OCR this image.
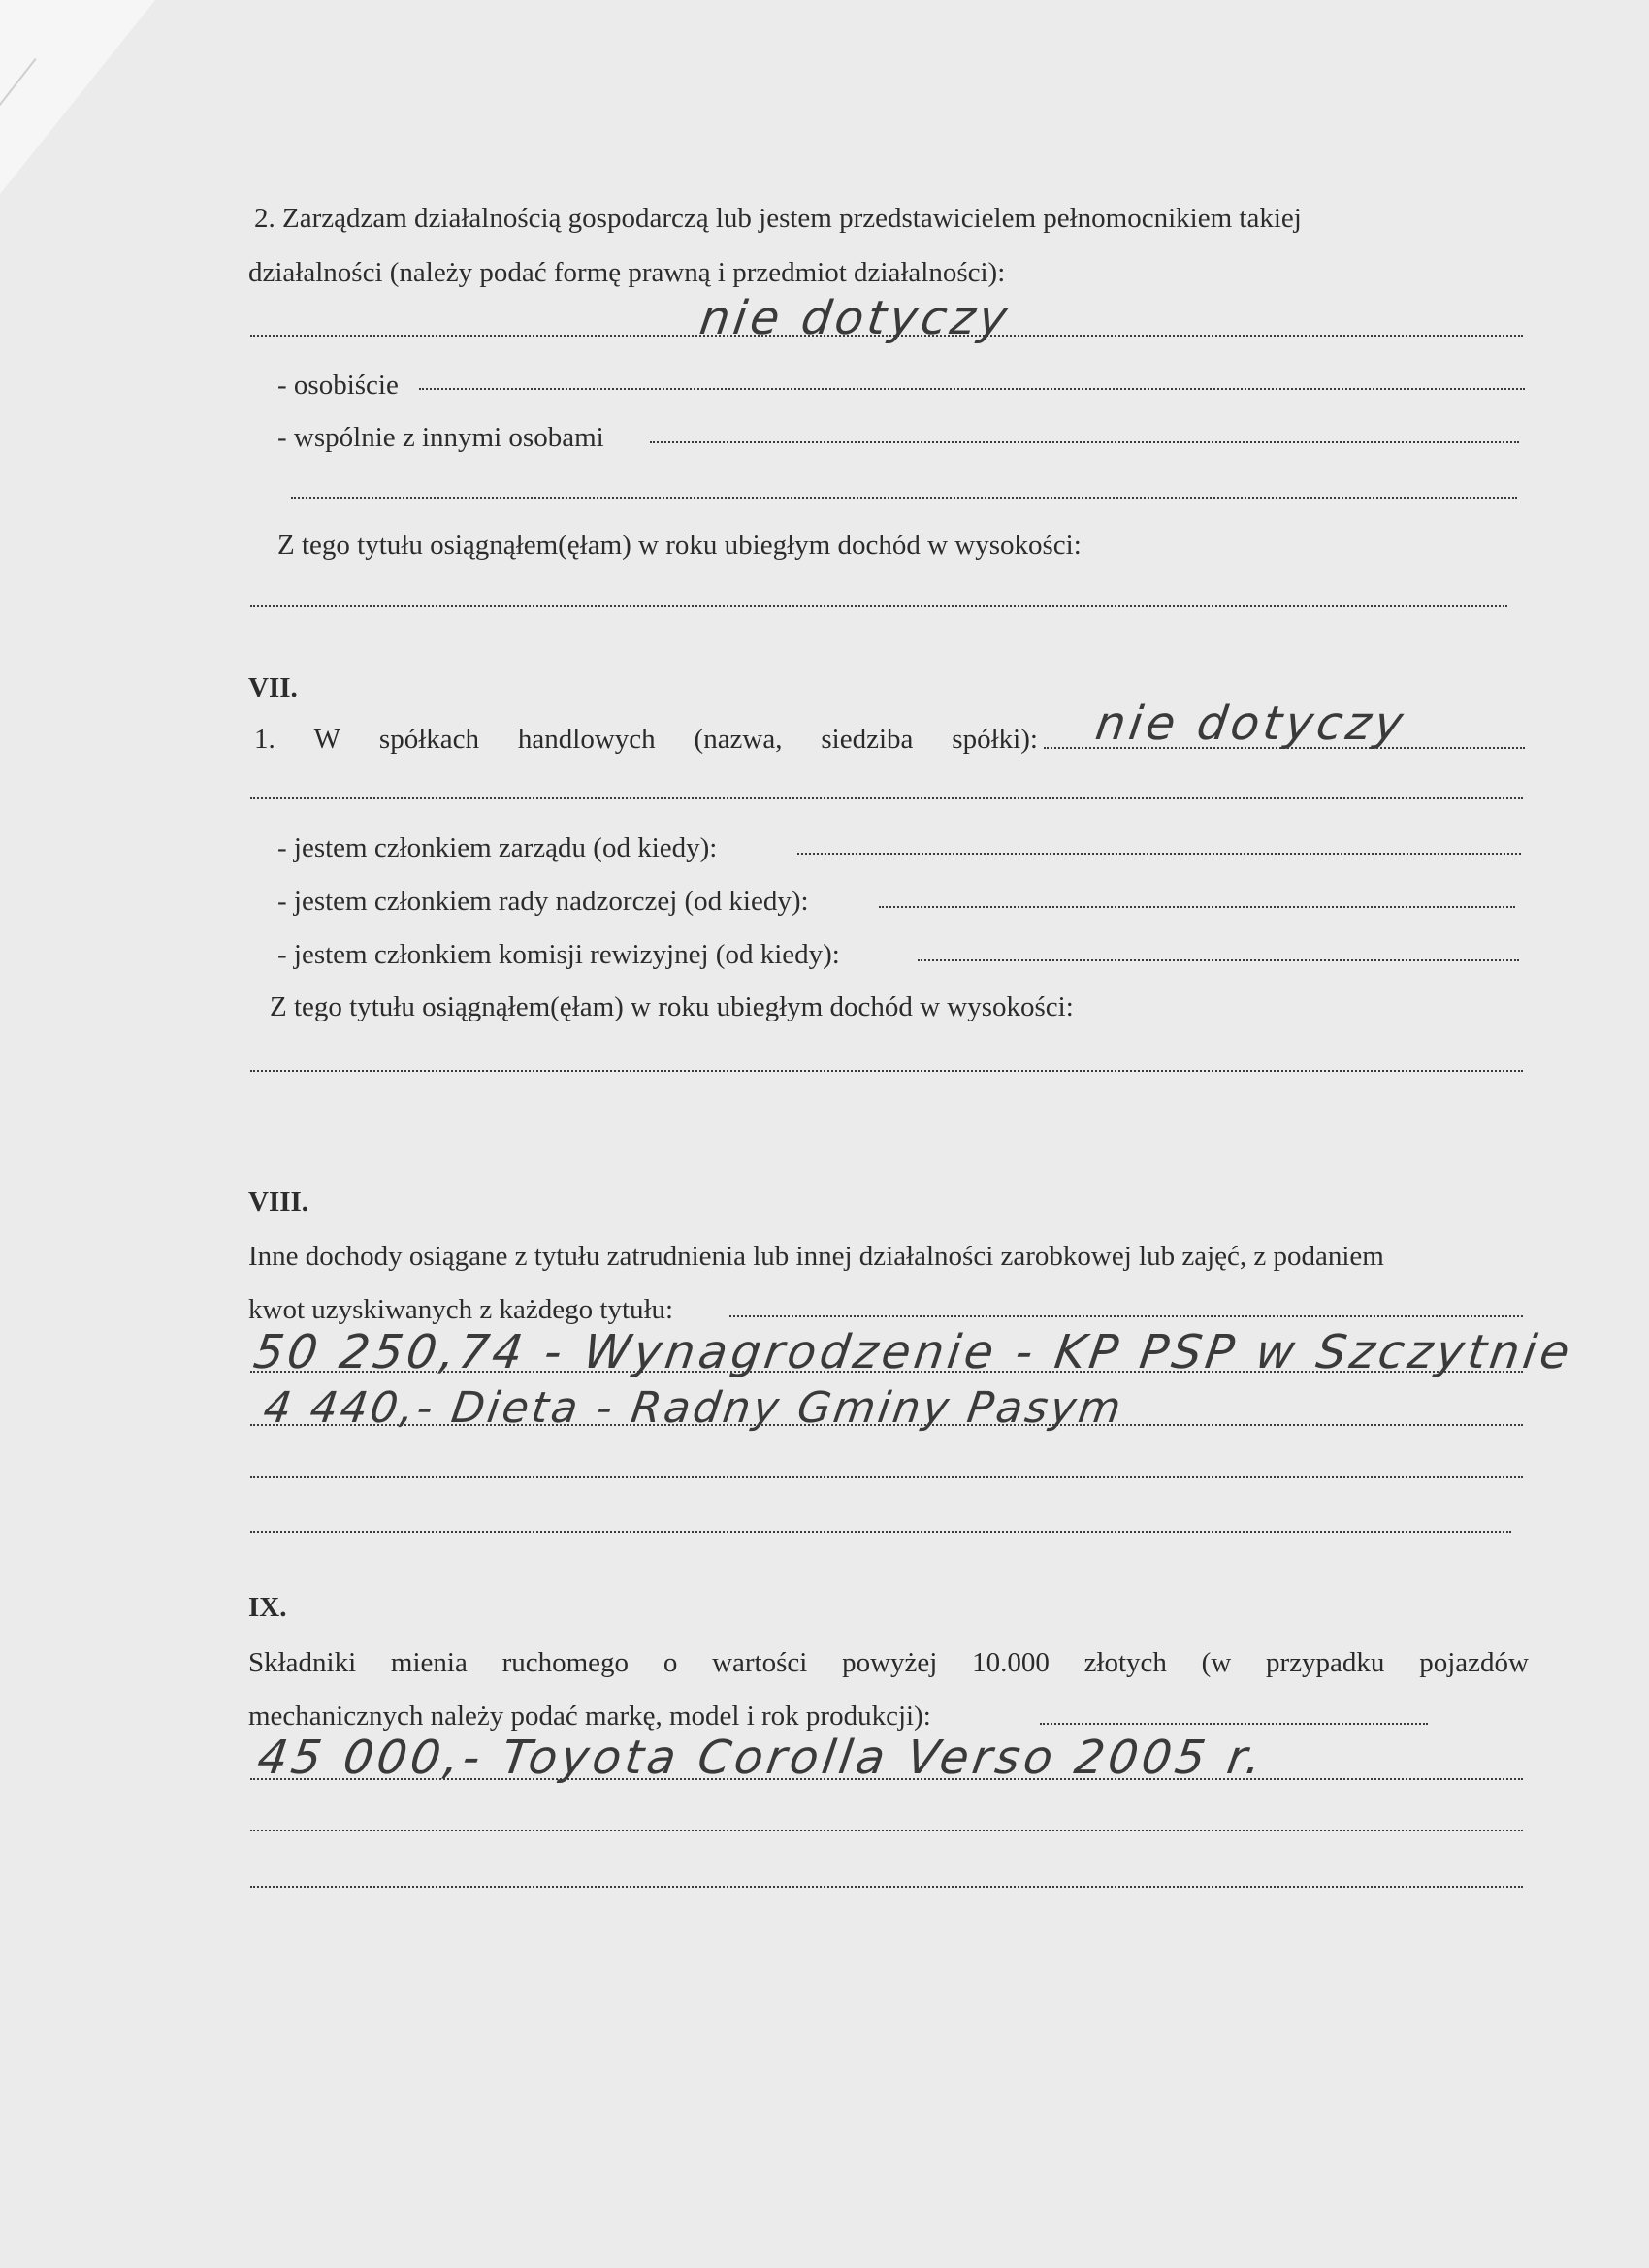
2. Zarządzam działalnością gospodarczą lub jestem przedstawicielem pełnomocnikiem takiej
działalności (należy podać formę prawną i przedmiot działalności):
nie dotyczy
- osobiście
- wspólnie z innymi osobami
Z tego tytułu osiągnąłem(ęłam) w roku ubiegłym dochód w wysokości:
VII.
1. W spółkach handlowych (nazwa, siedziba spółki): nie dotyczy
- jestem członkiem zarządu (od kiedy):
- jestem członkiem rady nadzorczej (od kiedy):
- jestem członkiem komisji rewizyjnej (od kiedy):
Z tego tytułu osiągnąłem(ęłam) w roku ubiegłym dochód w wysokości:
VIII.
Inne dochody osiągane z tytułu zatrudnienia lub innej działalności zarobkowej lub zajęć, z podaniem
kwot uzyskiwanych z każdego tytułu:
50 250,74 - Wynagrodzenie - KP PSP w Szczytnie
4 440,- Dieta - Radny Gminy Pasym
IX.
Składniki mienia ruchomego o wartości powyżej 10.000 złotych (w przypadku pojazdów
mechanicznych należy podać markę, model i rok produkcji):
45 000,- Toyota Corolla Verso 2005 r.
